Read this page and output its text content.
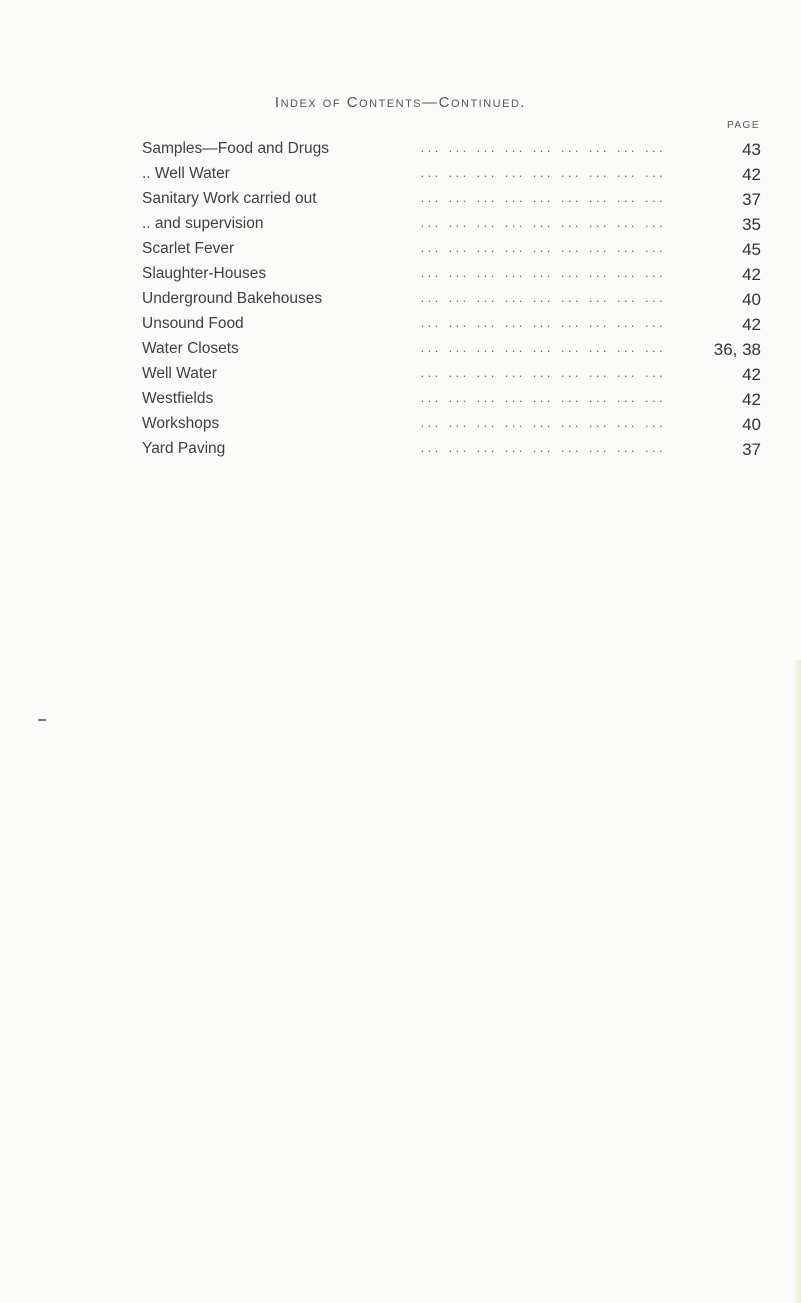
Index of Contents—Continued.
PAGE
Samples—Food and Drugs	... ... ... ... ... ... ... ... ...	43
.. Well Water	... ... ... ... ... ... ... ... ...	42
Sanitary Work carried out	... ... ... ... ... ... ... ... ...	37
.. and supervision	... ... ... ... ... ... ... ... ...	35
Scarlet Fever	... ... ... ... ... ... ... ... ...	45
Slaughter-Houses	... ... ... ... ... ... ... ... ...	42
Underground Bakehouses	... ... ... ... ... ... ... ... ...	40
Unsound Food	... ... ... ... ... ... ... ... ...	42
Water Closets	... ... ... ... ... ... ... ... ...	36, 38
Well Water	... ... ... ... ... ... ... ... ...	42
Westfields	... ... ... ... ... ... ... ... ...	42
Workshops	... ... ... ... ... ... ... ... ...	40
Yard Paving	... ... ... ... ... ... ... ... ...	37
